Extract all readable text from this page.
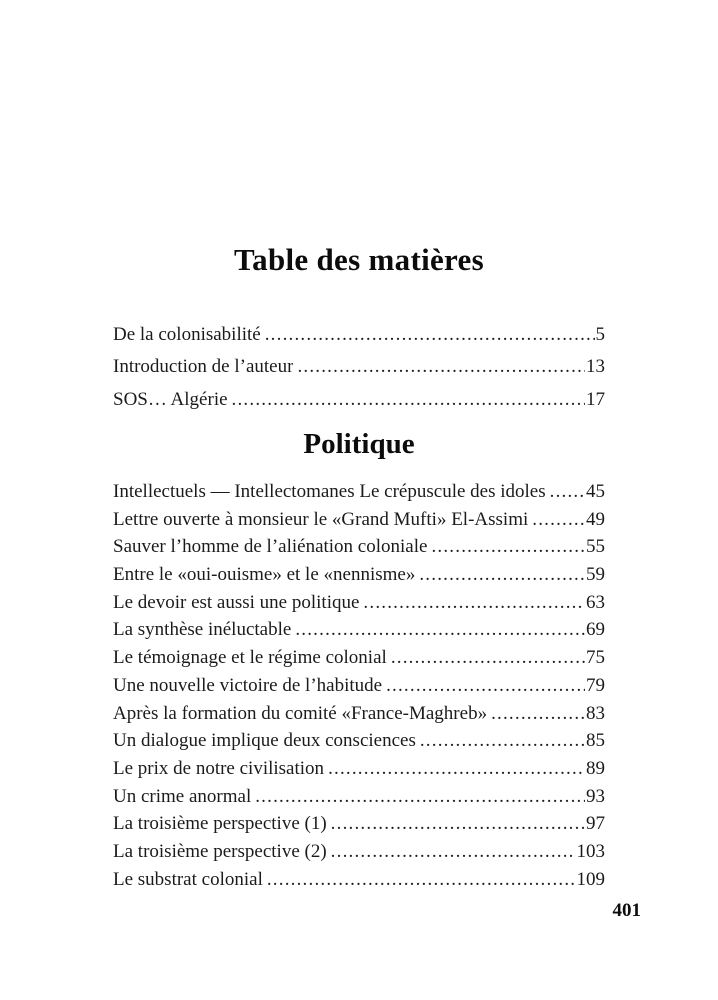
Table des matières
De la colonisabilité .....	5
Introduction de l’auteur .....	13
SOS… Algérie .....	17
Politique
Intellectuels — Intellectomanes Le crépuscule des idoles ..... 45
Lettre ouverte à monsieur le «Grand Mufti» El-Assimi .....	49
Sauver l’homme de l’aliénation coloniale .....	55
Entre le «oui-ouisme» et le «nennisme» .....	59
Le devoir est aussi une politique .....	63
La synthèse inéluctable .....	69
Le témoignage et le régime colonial .....	75
Une nouvelle victoire de l’habitude .....	79
Après la formation du comité «France-Maghreb» .....	83
Un dialogue implique deux consciences .....	85
Le prix de notre civilisation .....	89
Un crime anormal .....	93
La troisième perspective (1) .....	97
La troisième perspective (2) .....	103
Le substrat colonial .....	109
401
